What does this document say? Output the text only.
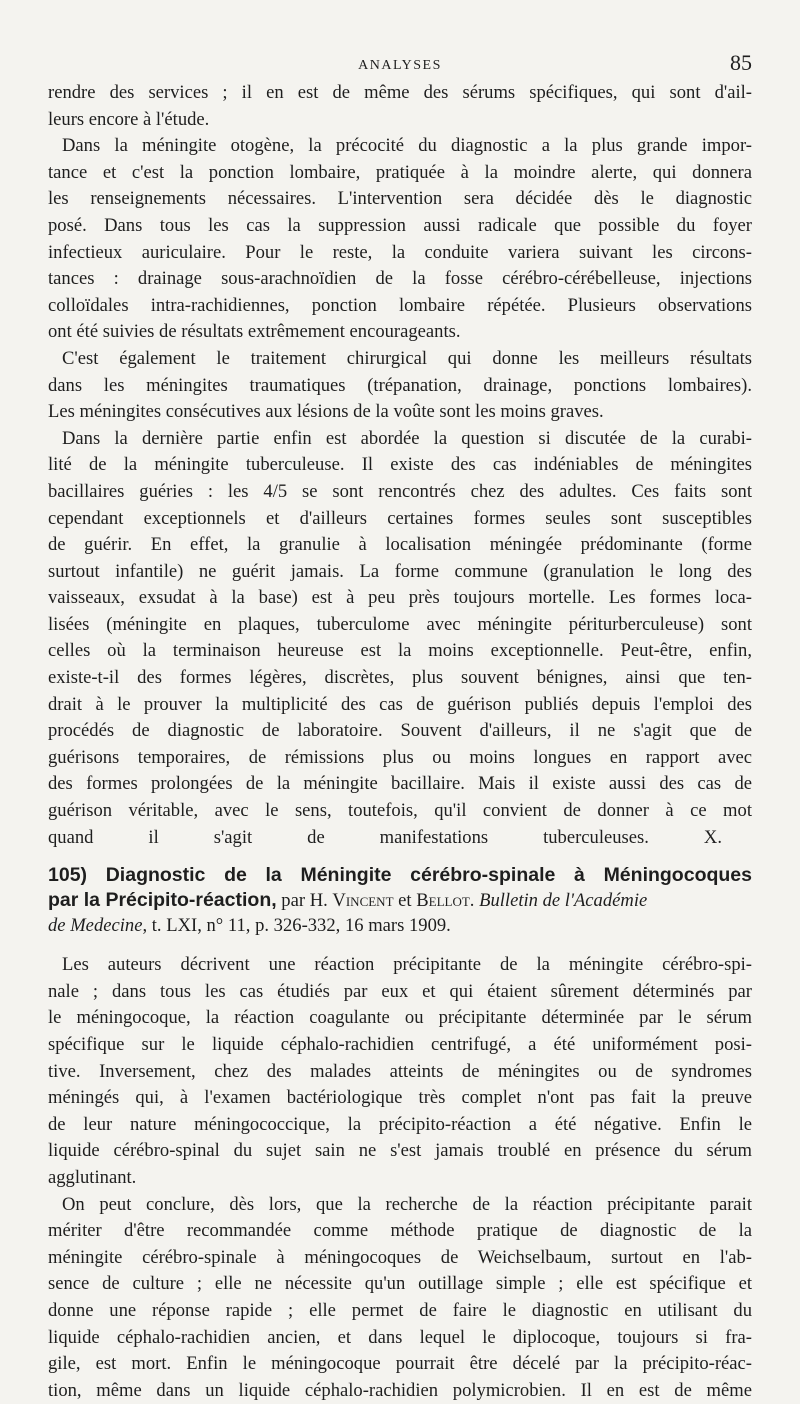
ANALYSES	85
rendre des services ; il en est de même des sérums spécifiques, qui sont d'ail-
leurs encore à l'étude.
Dans la méningite otogène, la précocité du diagnostic a la plus grande impor-
tance et c'est la ponction lombaire, pratiquée à la moindre alerte, qui donnera
les renseignements nécessaires. L'intervention sera décidée dès le diagnostic
posé. Dans tous les cas la suppression aussi radicale que possible du foyer
infectieux auriculaire. Pour le reste, la conduite variera suivant les circons-
tances : drainage sous-arachnoïdien de la fosse cérébro-cérébelleuse, injections
colloïdales intra-rachidiennes, ponction lombaire répétée. Plusieurs observations
ont été suivies de résultats extrêmement encourageants.
C'est également le traitement chirurgical qui donne les meilleurs résultats
dans les méningites traumatiques (trépanation, drainage, ponctions lombaires).
Les méningites consécutives aux lésions de la voûte sont les moins graves.
Dans la dernière partie enfin est abordée la question si discutée de la curabi-
lité de la méningite tuberculeuse. Il existe des cas indéniables de méningites
bacillaires guéries : les 4/5 se sont rencontrés chez des adultes. Ces faits sont
cependant exceptionnels et d'ailleurs certaines formes seules sont susceptibles
de guérir. En effet, la granulie à localisation méningée prédominante (forme
surtout infantile) ne guérit jamais. La forme commune (granulation le long des
vaisseaux, exsudat à la base) est à peu près toujours mortelle. Les formes loca-
lisées (méningite en plaques, tuberculome avec méningite périturberculeuse) sont
celles où la terminaison heureuse est la moins exceptionnelle. Peut-être, enfin,
existe-t-il des formes légères, discrètes, plus souvent bénignes, ainsi que ten-
drait à le prouver la multiplicité des cas de guérison publiés depuis l'emploi des
procédés de diagnostic de laboratoire. Souvent d'ailleurs, il ne s'agit que de
guérisons temporaires, de rémissions plus ou moins longues en rapport avec
des formes prolongées de la méningite bacillaire. Mais il existe aussi des cas de
guérison véritable, avec le sens, toutefois, qu'il convient de donner à ce mot
quand il s'agit de manifestations tuberculeuses.	X.
105) Diagnostic de la Méningite cérébro-spinale à Méningocoques
par la Précipito-réaction, par H. Vincent et Bellot. Bulletin de l'Académie
de Medecine, t. LXI, n° 11, p. 326-332, 16 mars 1909.
Les auteurs décrivent une réaction précipitante de la méningite cérébro-spi-
nale ; dans tous les cas étudiés par eux et qui étaient sûrement déterminés par
le méningocoque, la réaction coagulante ou précipitante déterminée par le sérum
spécifique sur le liquide céphalo-rachidien centrifugé, a été uniformément posi-
tive. Inversement, chez des malades atteints de méningites ou de syndromes
méningés qui, à l'examen bactériologique très complet n'ont pas fait la preuve
de leur nature méningococcique, la précipito-réaction a été négative. Enfin le
liquide cérébro-spinal du sujet sain ne s'est jamais troublé en présence du sérum
agglutinant.
On peut conclure, dès lors, que la recherche de la réaction précipitante parait
mériter d'être recommandée comme méthode pratique de diagnostic de la
méningite cérébro-spinale à méningocoques de Weichselbaum, surtout en l'ab-
sence de culture ; elle ne nécessite qu'un outillage simple ; elle est spécifique et
donne une réponse rapide ; elle permet de faire le diagnostic en utilisant du
liquide céphalo-rachidien ancien, et dans lequel le diplocoque, toujours si fra-
gile, est mort. Enfin le méningocoque pourrait être décelé par la précipito-réac-
tion, même dans un liquide céphalo-rachidien polymicrobien. Il en est de même
